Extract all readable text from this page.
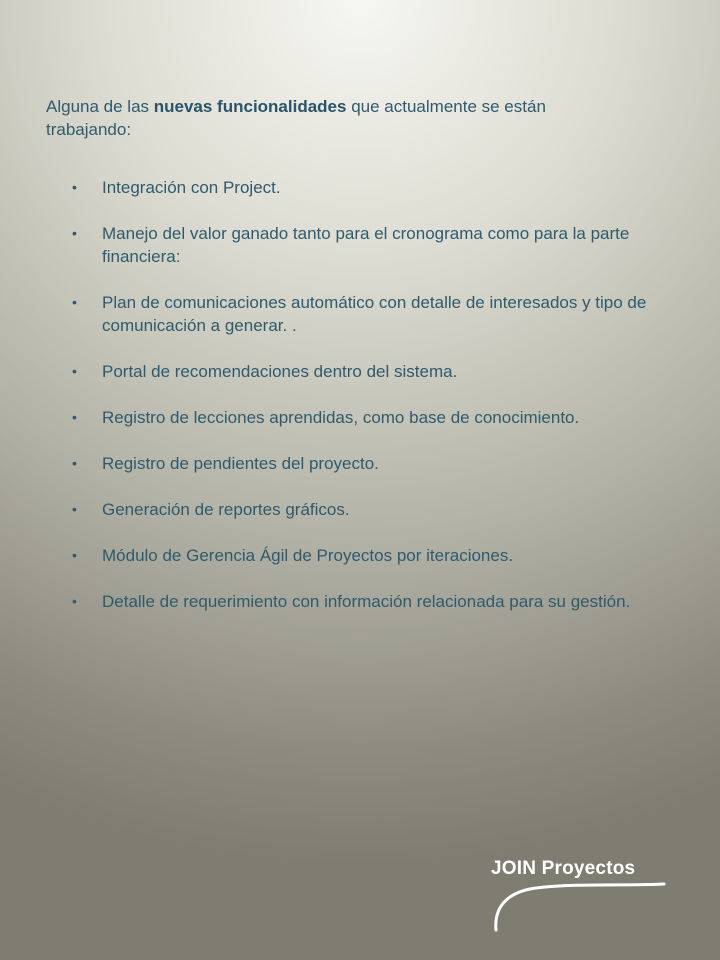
Alguna de las nuevas funcionalidades que actualmente se están trabajando:

• Integración con Project.
• Manejo del valor ganado tanto para el cronograma como para la parte financiera:
• Plan de comunicaciones automático con detalle de interesados y tipo de comunicación a generar. .
• Portal de recomendaciones dentro del sistema.
• Registro de lecciones aprendidas, como base de conocimiento.
• Registro de pendientes del proyecto.
• Generación de reportes gráficos.
• Módulo de Gerencia Ágil de Proyectos por iteraciones.
• Detalle de requerimiento con información relacionada para su gestión.
JOIN Proyectos
